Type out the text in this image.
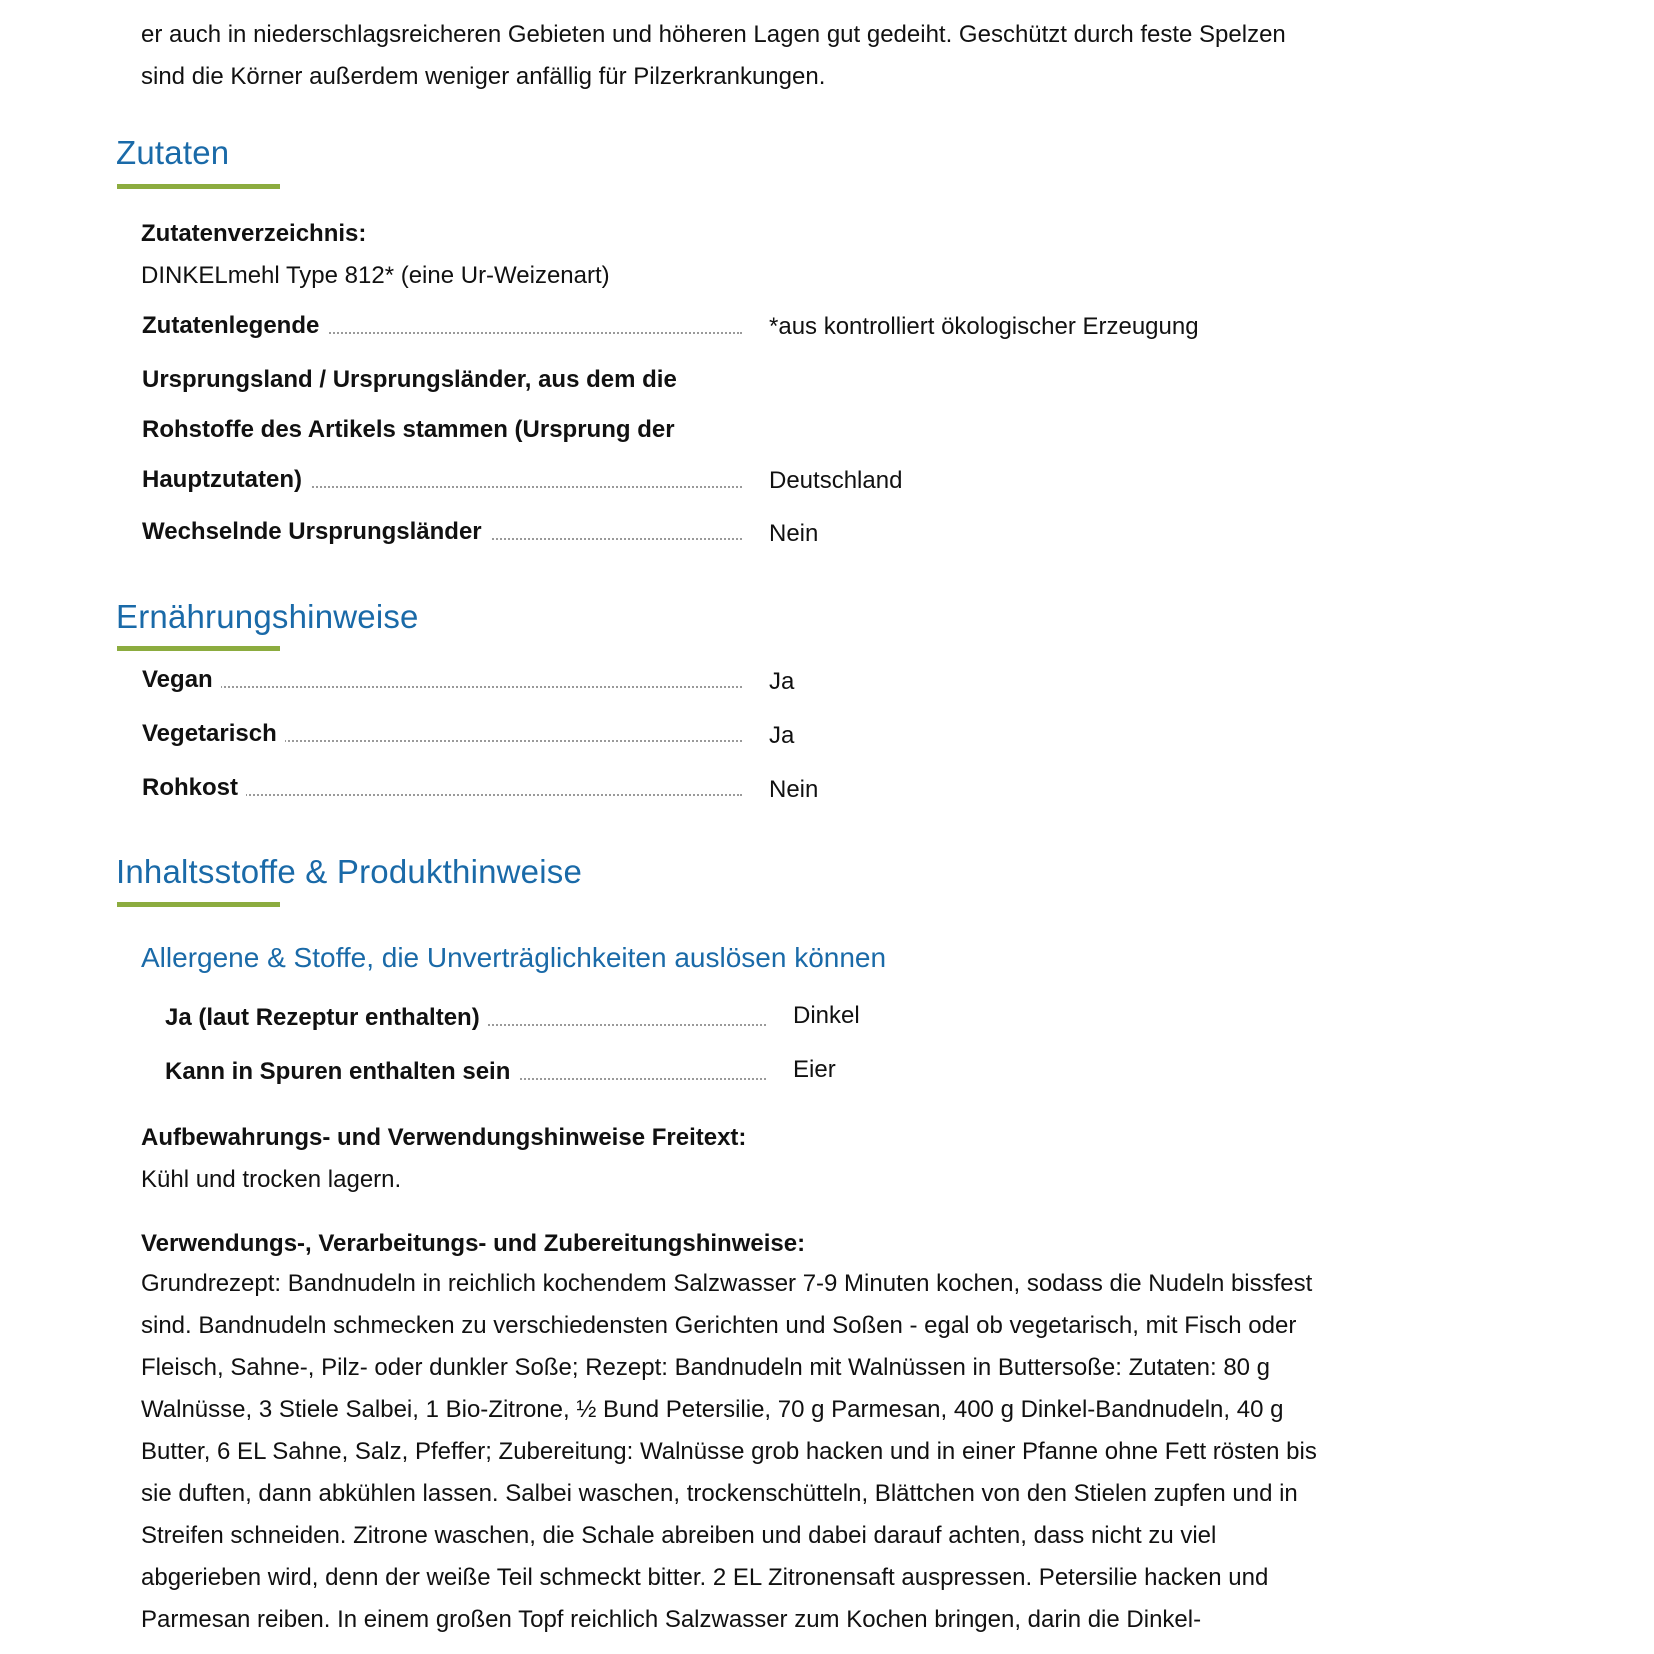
er auch in niederschlagsreicheren Gebieten und höheren Lagen gut gedeiht. Geschützt durch feste Spelzen

sind die Körner außerdem weniger anfällig für Pilzerkrankungen.

Zutaten
Zutatenverzeichnis:
DINKELmehl Type 812* (eine Ur-Weizenart)
Zutatenlegende	*aus kontrolliert ökologischer Erzeugung
Ursprungsland / Ursprungsländer, aus dem die
Rohstoffe des Artikels stammen (Ursprung der
Hauptzutaten)	Deutschland
Wechselnde Ursprungsländer	Nein
Ernährungshinweise
Vegan	Ja
Vegetarisch	Ja
Rohkost	Nein
Inhaltsstoffe & Produkthinweise
Allergene & Stoffe, die Unverträglichkeiten auslösen können
Ja (laut Rezeptur enthalten)	Dinkel
Kann in Spuren enthalten sein	Eier
Aufbewahrungs- und Verwendungshinweise Freitext:
Kühl und trocken lagern.
Verwendungs-, Verarbeitungs- und Zubereitungshinweise:

Grundrezept: Bandnudeln in reichlich kochendem Salzwasser 7-9 Minuten kochen, sodass die Nudeln bissfest

sind. Bandnudeln schmecken zu verschiedensten Gerichten und Soßen - egal ob vegetarisch, mit Fisch oder

Fleisch, Sahne-, Pilz- oder dunkler Soße; Rezept: Bandnudeln mit Walnüssen in Buttersoße: Zutaten: 80 g

Walnüsse, 3 Stiele Salbei, 1 Bio-Zitrone, ½ Bund Petersilie, 70 g Parmesan, 400 g Dinkel-Bandnudeln, 40 g

Butter, 6 EL Sahne, Salz, Pfeffer; Zubereitung: Walnüsse grob hacken und in einer Pfanne ohne Fett rösten bis

sie duften, dann abkühlen lassen. Salbei waschen, trockenschütteln, Blättchen von den Stielen zupfen und in

Streifen schneiden. Zitrone waschen, die Schale abreiben und dabei darauf achten, dass nicht zu viel

abgerieben wird, denn der weiße Teil schmeckt bitter. 2 EL Zitronensaft auspressen. Petersilie hacken und

Parmesan reiben. In einem großen Topf reichlich Salzwasser zum Kochen bringen, darin die Dinkel-
